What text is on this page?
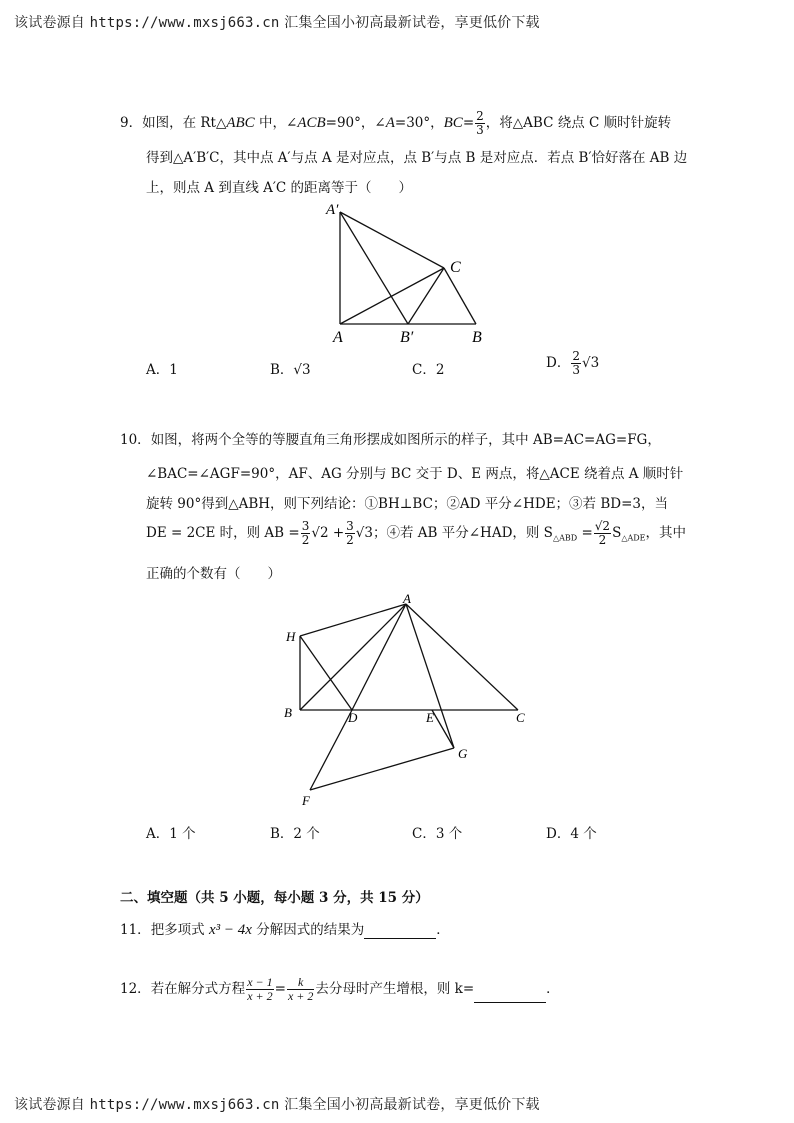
该试卷源自 https://www.mxsj663.cn 汇集全国小初高最新试卷，享更低价下载
9．如图，在 Rt△ABC 中，∠ACB=90°，∠A=30°，$BC= \frac{2}{3}$ ，将△ABC 绕点 C 顺时针旋转
得到△A′B′C，其中点 A′与点 A 是对应点，点 B′与点 B 是对应点．若点 B′恰好落在 AB 边
上，则点 A 到直线 A′C 的距离等于（　　）
A′
C
A	B′	B
A
H
B	D	E	C
G
F
A．1	B．√3	C．2	D． $\frac{2}{3} √3$
10．如图，将两个全等的等腰直角三角形摆成如图所示的样子，其中 AB=AC=AG=FG，
∠BAC=∠AGF=90°，AF、AG 分别与 BC 交于 D、E 两点，将△ACE 绕着点 A 顺时针
旋转 90°得到△ABH，则下列结论：①BH⊥BC；②AD 平分∠HDE；③若 BD=3，当
DE = 2CE 时，则 AB = $\frac{3}{2} √2 + \frac{3}{2} √3$；④若 AB 平分∠HAD，则 $S_{\triangle ABD} = \frac{√2}{2} S_{\triangle ADE}$，其中
正确的个数有（　　）
A．1 个	B．2 个	C．3 个	D．4 个
二、填空题（共 5 小题，每小题 3 分，共 15 分）
11．把多项式 x³ − 4x 分解因式的结果为	．
12．若在解分式方程 $\frac{x - 1}{x + 2} = \frac{k}{x + 2}$ 去分母时产生增根，则 k=	．
该试卷源自 https://www.mxsj663.cn 汇集全国小初高最新试卷，享更低价下载
